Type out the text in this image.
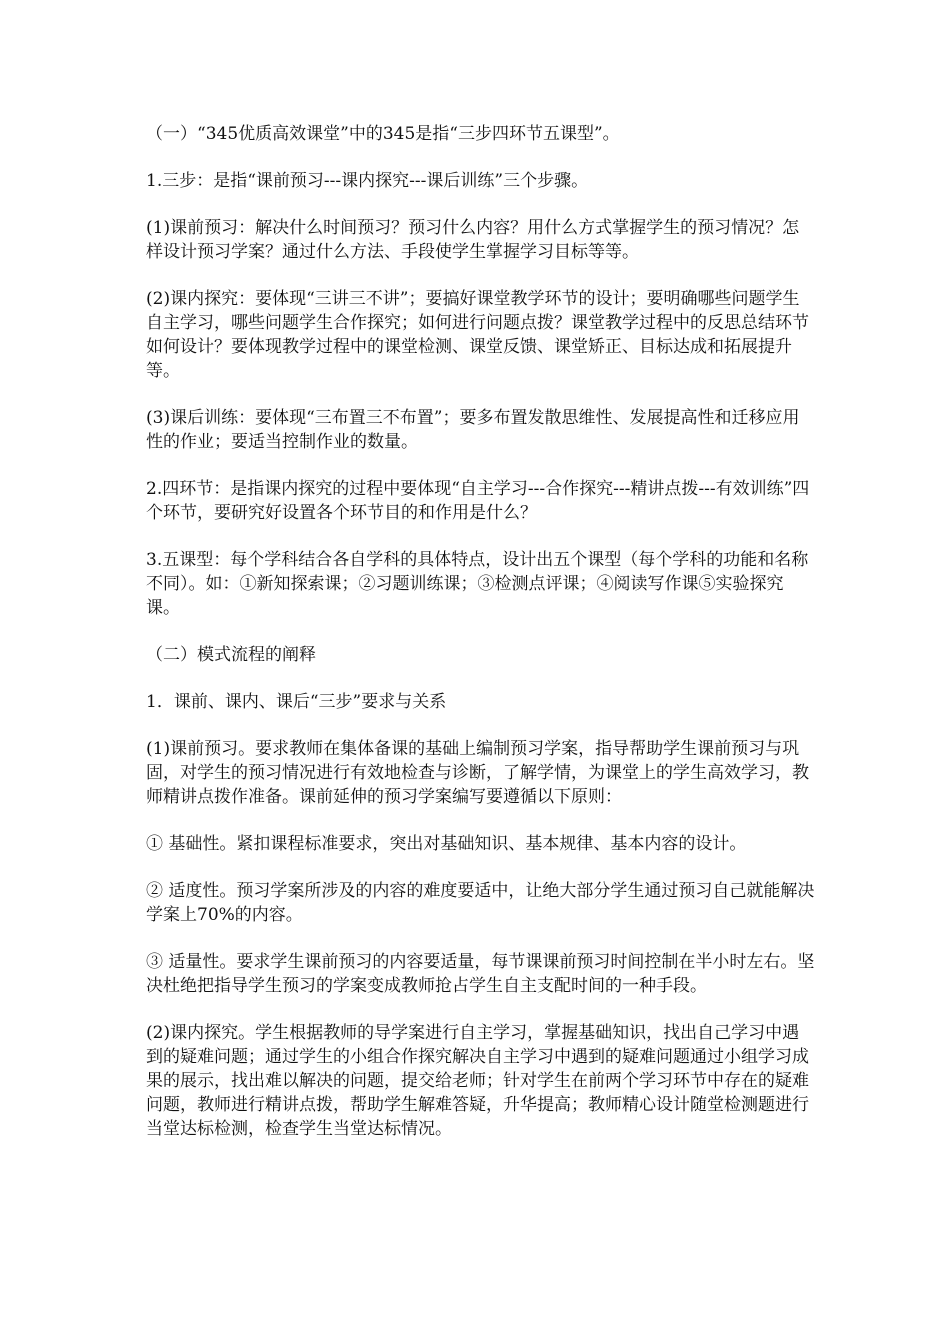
（一）“345优质高效课堂”中的345是指“三步四环节五课型”。

1.三步：是指“课前预习---课内探究---课后训练”三个步骤。

(1)课前预习：解决什么时间预习？预习什么内容？用什么方式掌握学生的预习情况？怎样设计预习学案？通过什么方法、手段使学生掌握学习目标等等。

(2)课内探究：要体现“三讲三不讲”；要搞好课堂教学环节的设计；要明确哪些问题学生自主学习，哪些问题学生合作探究；如何进行问题点拨？课堂教学过程中的反思总结环节如何设计？要体现教学过程中的课堂检测、课堂反馈、课堂矫正、目标达成和拓展提升等。

(3)课后训练：要体现“三布置三不布置”；要多布置发散思维性、发展提高性和迁移应用性的作业；要适当控制作业的数量。

2.四环节：是指课内探究的过程中要体现“自主学习---合作探究---精讲点拨---有效训练”四个环节，要研究好设置各个环节目的和作用是什么？

3.五课型：每个学科结合各自学科的具体特点，设计出五个课型（每个学科的功能和名称不同）。如：①新知探索课；②习题训练课；③检测点评课；④阅读写作课⑤实验探究课。

（二）模式流程的阐释

1．课前、课内、课后“三步”要求与关系

(1)课前预习。要求教师在集体备课的基础上编制预习学案，指导帮助学生课前预习与巩固，对学生的预习情况进行有效地检查与诊断，了解学情，为课堂上的学生高效学习，教师精讲点拨作准备。课前延伸的预习学案编写要遵循以下原则：

① 基础性。紧扣课程标准要求，突出对基础知识、基本规律、基本内容的设计。

② 适度性。预习学案所涉及的内容的难度要适中，让绝大部分学生通过预习自己就能解决学案上70%的内容。

③ 适量性。要求学生课前预习的内容要适量，每节课课前预习时间控制在半小时左右。坚决杜绝把指导学生预习的学案变成教师抢占学生自主支配时间的一种手段。

(2)课内探究。学生根据教师的导学案进行自主学习，掌握基础知识，找出自己学习中遇到的疑难问题；通过学生的小组合作探究解决自主学习中遇到的疑难问题通过小组学习成果的展示，找出难以解决的问题，提交给老师；针对学生在前两个学习环节中存在的疑难问题，教师进行精讲点拨，帮助学生解难答疑，升华提高；教师精心设计随堂检测题进行当堂达标检测，检查学生当堂达标情况。
